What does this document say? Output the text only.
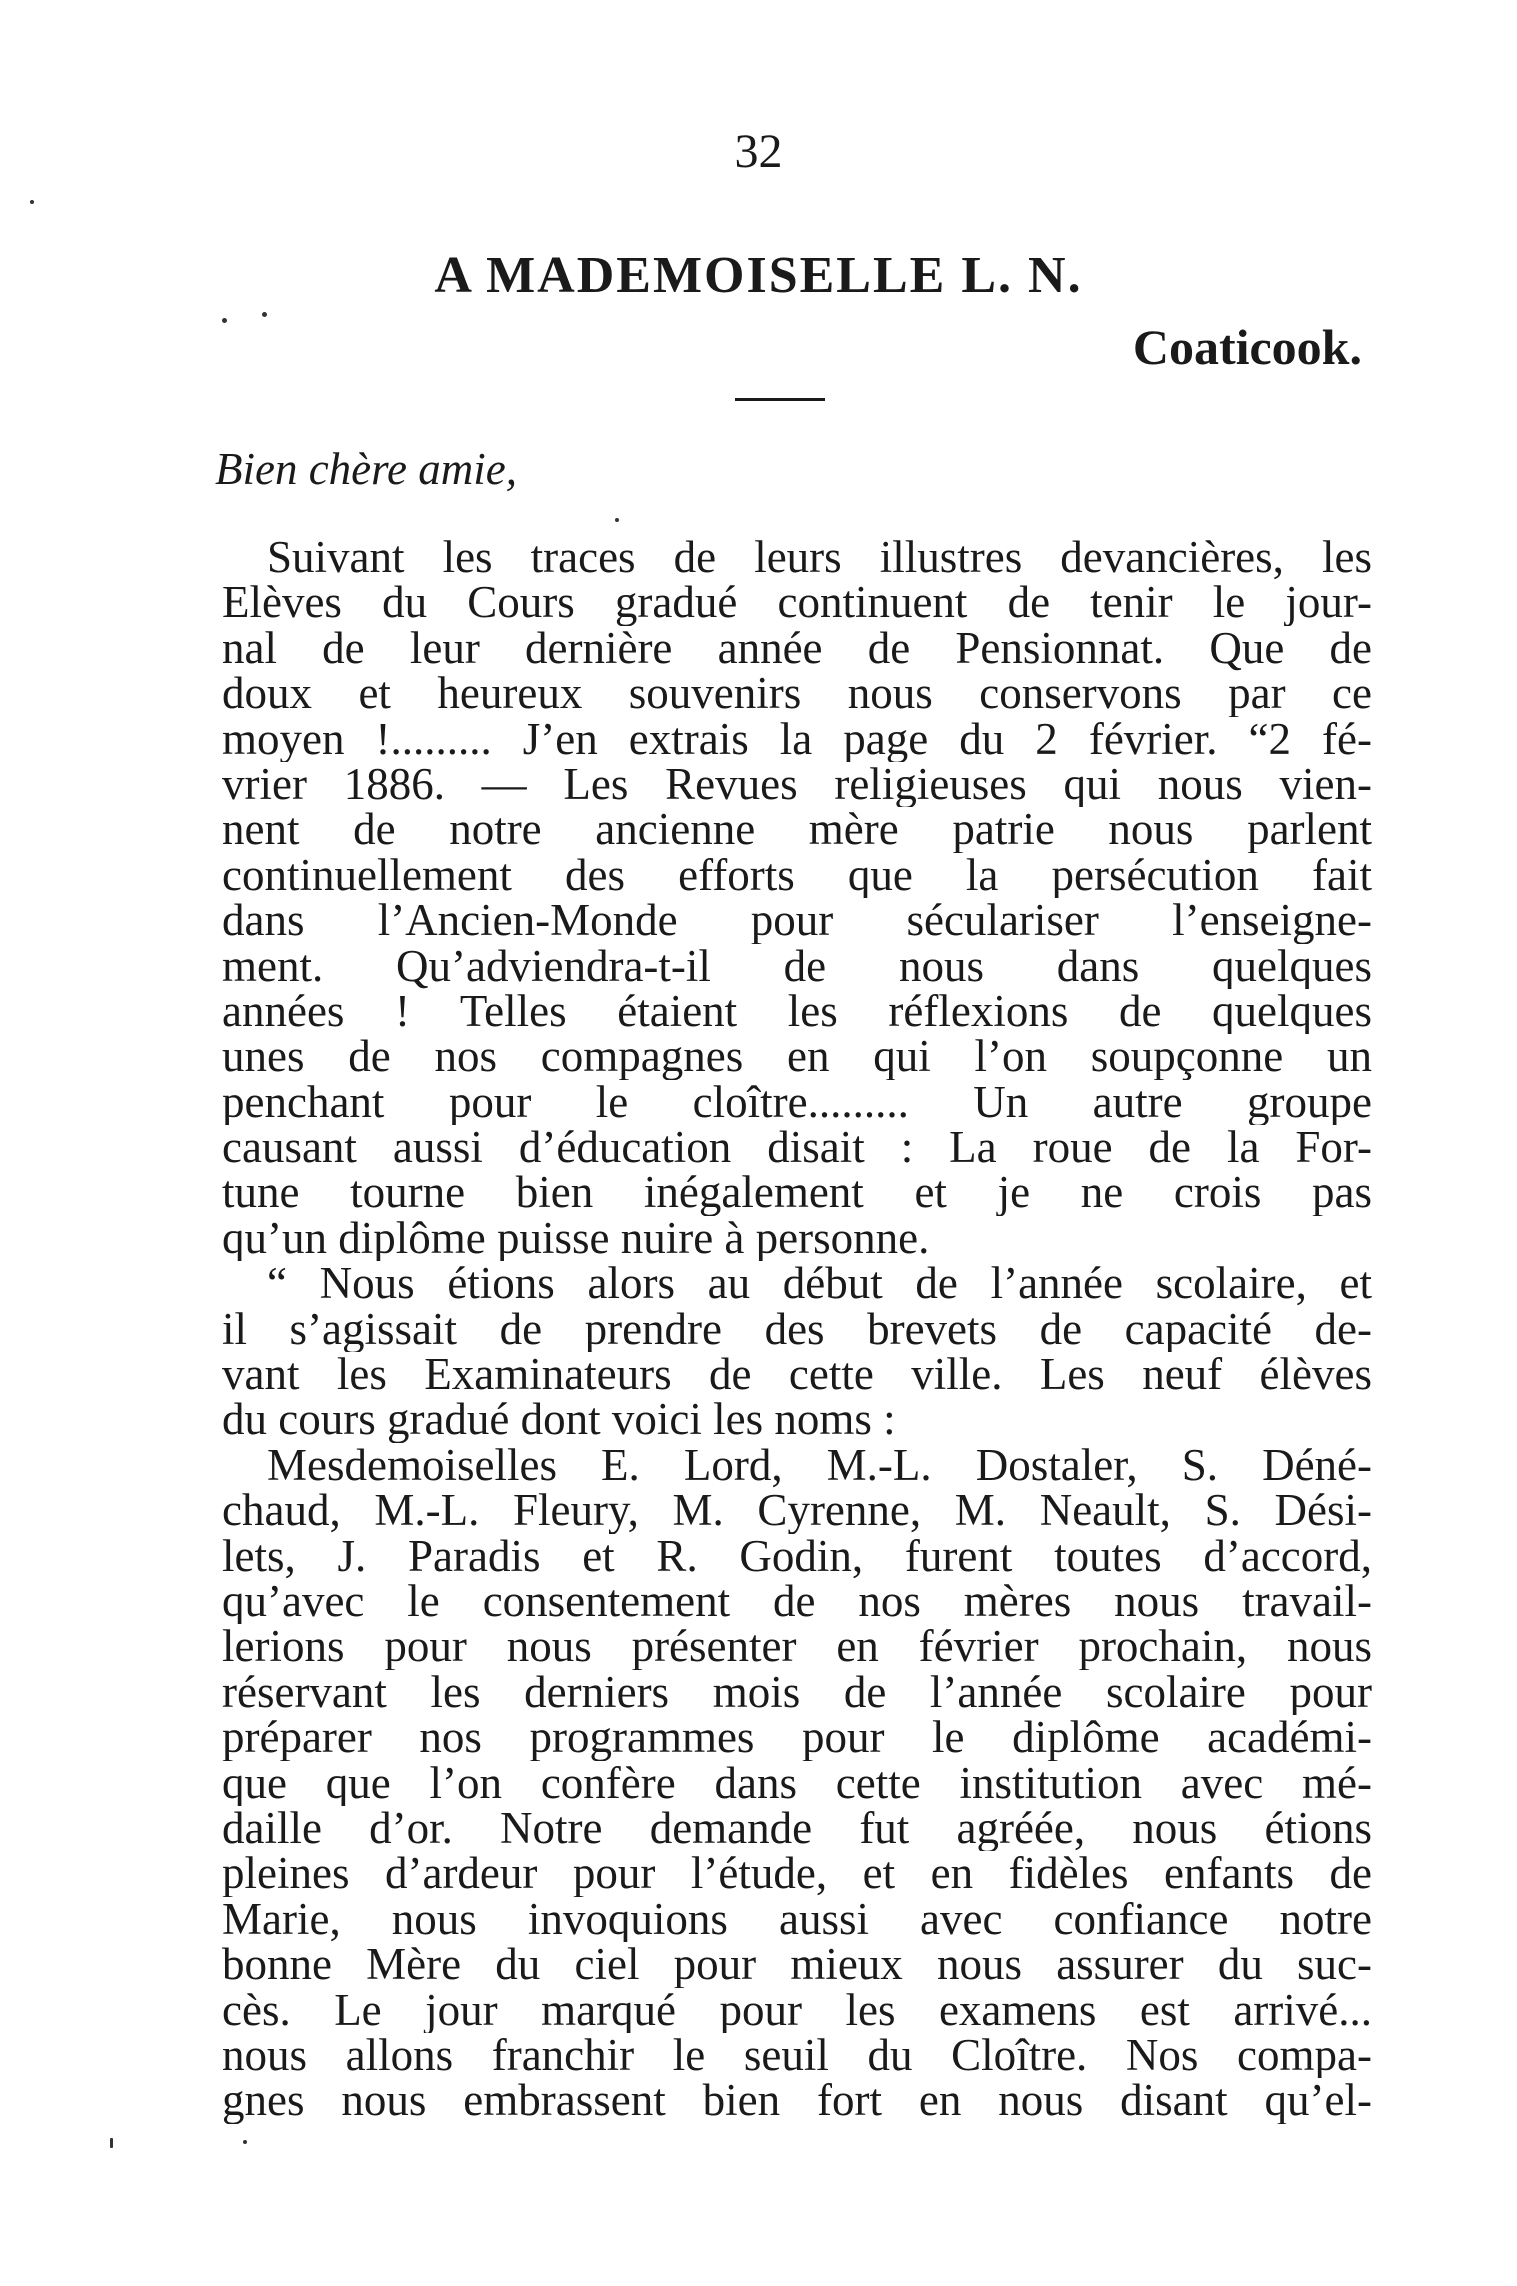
32
A MADEMOISELLE L. N.
Coaticook.
Bien chère amie,
Suivant les traces de leurs illustres devancières, les
Elèves du Cours gradué continuent de tenir le jour-
nal de leur dernière année de Pensionnat. Que de
doux et heureux souvenirs nous conservons par ce
moyen !......... J’en extrais la page du 2 février. “2 fé-
vrier 1886. — Les Revues religieuses qui nous vien-
nent de notre ancienne mère patrie nous parlent
continuellement des efforts que la persécution fait
dans l’Ancien-Monde pour séculariser l’enseigne-
ment. Qu’adviendra-t-il de nous dans quelques
années ! Telles étaient les réflexions de quelques
unes de nos compagnes en qui l’on soupçonne un
penchant pour le cloître......... Un autre groupe
causant aussi d’éducation disait : La roue de la For-
tune tourne bien inégalement et je ne crois pas
qu’un diplôme puisse nuire à personne.
“ Nous étions alors au début de l’année scolaire, et
il s’agissait de prendre des brevets de capacité de-
vant les Examinateurs de cette ville. Les neuf élèves
du cours gradué dont voici les noms :
Mesdemoiselles E. Lord, M.-L. Dostaler, S. Déné-
chaud, M.-L. Fleury, M. Cyrenne, M. Neault, S. Dési-
lets, J. Paradis et R. Godin, furent toutes d’accord,
qu’avec le consentement de nos mères nous travail-
lerions pour nous présenter en février prochain, nous
réservant les derniers mois de l’année scolaire pour
préparer nos programmes pour le diplôme académi-
que que l’on confère dans cette institution avec mé-
daille d’or. Notre demande fut agréée, nous étions
pleines d’ardeur pour l’étude, et en fidèles enfants de
Marie, nous invoquions aussi avec confiance notre
bonne Mère du ciel pour mieux nous assurer du suc-
cès. Le jour marqué pour les examens est arrivé...
nous allons franchir le seuil du Cloître. Nos compa-
gnes nous embrassent bien fort en nous disant qu’el-
